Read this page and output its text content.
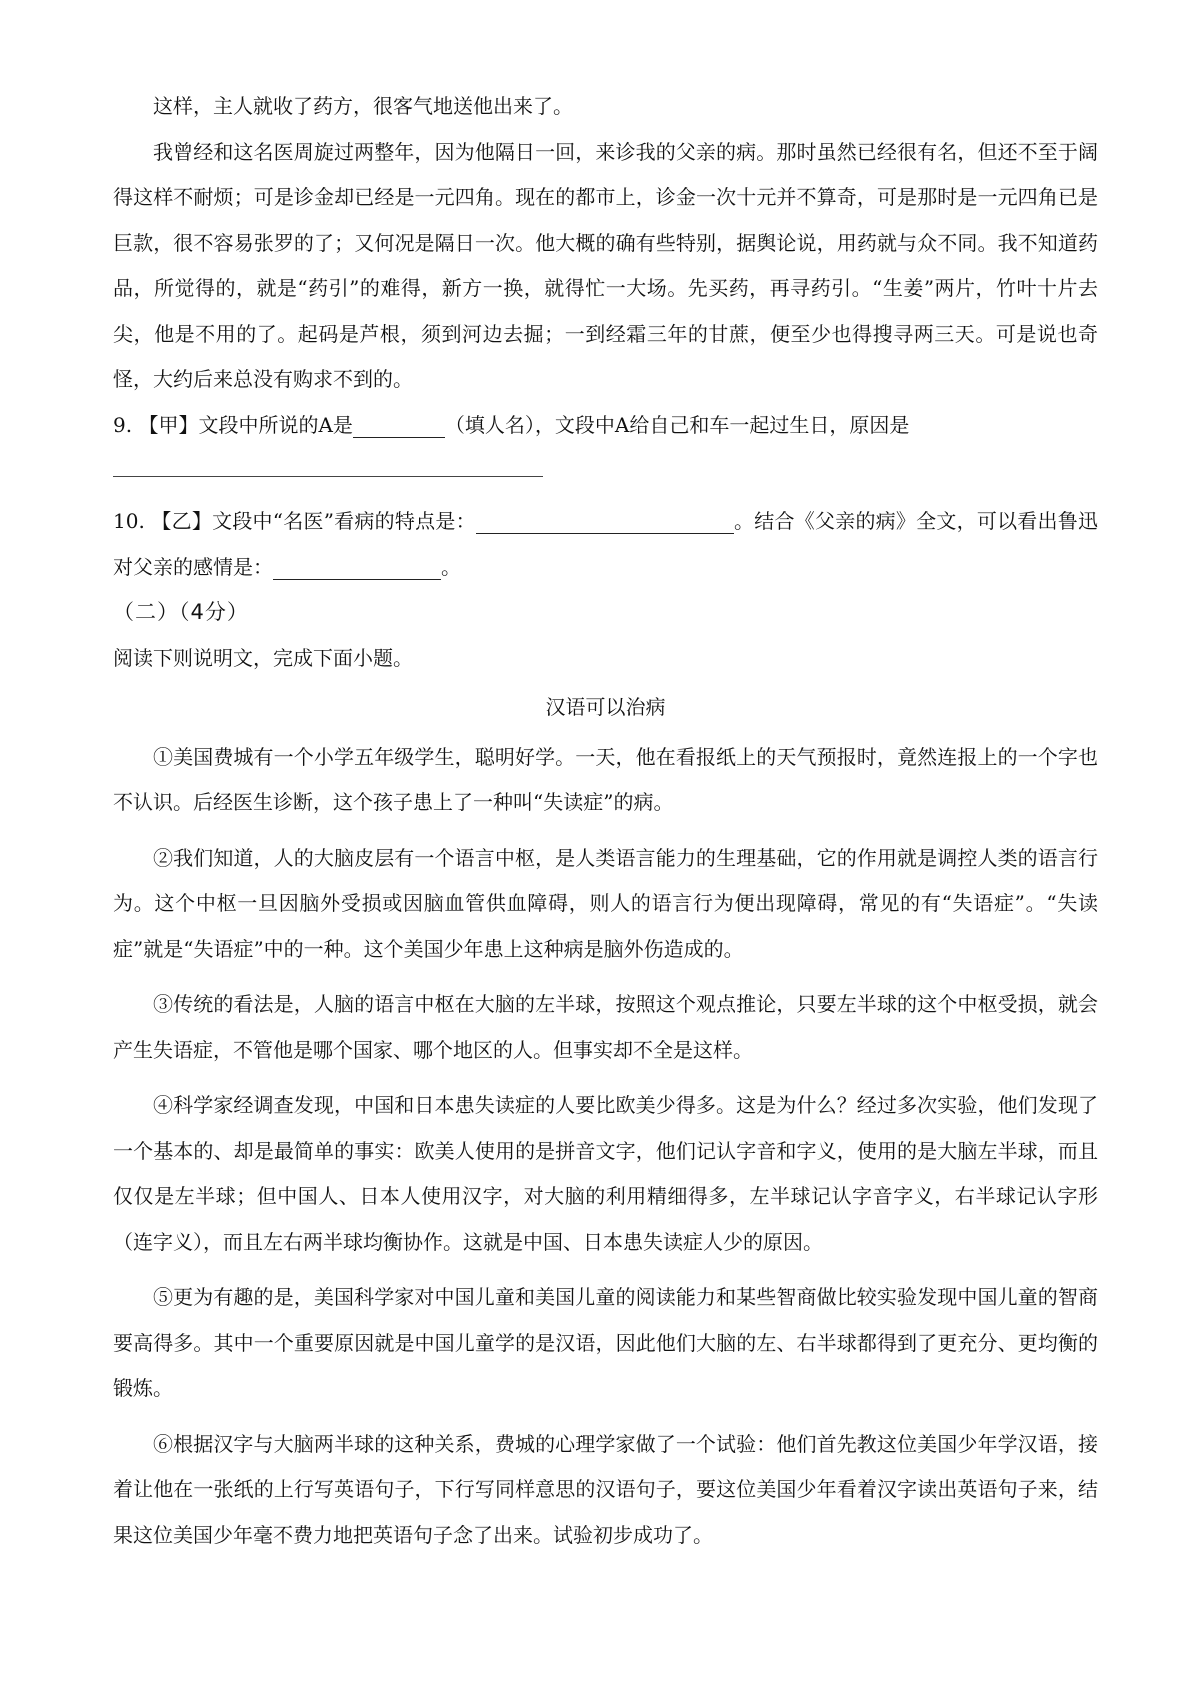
这样，主人就收了药方，很客气地送他出来了。

我曾经和这名医周旋过两整年，因为他隔日一回，来诊我的父亲的病。那时虽然已经很有名，但还不至于阔得这样不耐烦；可是诊金却已经是一元四角。现在的都市上，诊金一次十元并不算奇，可是那时是一元四角已是巨款，很不容易张罗的了；又何况是隔日一次。他大概的确有些特别，据舆论说，用药就与众不同。我不知道药品，所觉得的，就是“药引”的难得，新方一换，就得忙一大场。先买药，再寻药引。“生姜”两片，竹叶十片去尖，他是不用的了。起码是芦根，须到河边去掘；一到经霜三年的甘蔗，便至少也得搜寻两三天。可是说也奇怪，大约后来总没有购求不到的。

9. 【甲】文段中所说的A是	（填人名），文段中A给自己和车一起过生日，原因是

10. 【乙】文段中“名医”看病的特点是：	。结合《父亲的病》全文，可以看出鲁迅对父亲的感情是：	。

（二）（4分）

阅读下则说明文，完成下面小题。

汉语可以治病

①美国费城有一个小学五年级学生，聪明好学。一天，他在看报纸上的天气预报时，竟然连报上的一个字也不认识。后经医生诊断，这个孩子患上了一种叫“失读症”的病。

②我们知道，人的大脑皮层有一个语言中枢，是人类语言能力的生理基础，它的作用就是调控人类的语言行为。这个中枢一旦因脑外受损或因脑血管供血障碍，则人的语言行为便出现障碍，常见的有“失语症”。“失读症”就是“失语症”中的一种。这个美国少年患上这种病是脑外伤造成的。

③传统的看法是，人脑的语言中枢在大脑的左半球，按照这个观点推论，只要左半球的这个中枢受损，就会产生失语症，不管他是哪个国家、哪个地区的人。但事实却不全是这样。

④科学家经调查发现，中国和日本患失读症的人要比欧美少得多。这是为什么？经过多次实验，他们发现了一个基本的、却是最简单的事实：欧美人使用的是拼音文字，他们记认字音和字义，使用的是大脑左半球，而且仅仅是左半球；但中国人、日本人使用汉字，对大脑的利用精细得多，左半球记认字音字义，右半球记认字形（连字义），而且左右两半球均衡协作。这就是中国、日本患失读症人少的原因。

⑤更为有趣的是，美国科学家对中国儿童和美国儿童的阅读能力和某些智商做比较实验发现中国儿童的智商要高得多。其中一个重要原因就是中国儿童学的是汉语，因此他们大脑的左、右半球都得到了更充分、更均衡的锻炼。

⑥根据汉字与大脑两半球的这种关系，费城的心理学家做了一个试验：他们首先教这位美国少年学汉语，接着让他在一张纸的上行写英语句子，下行写同样意思的汉语句子，要这位美国少年看着汉字读出英语句子来，结果这位美国少年毫不费力地把英语句子念了出来。试验初步成功了。
